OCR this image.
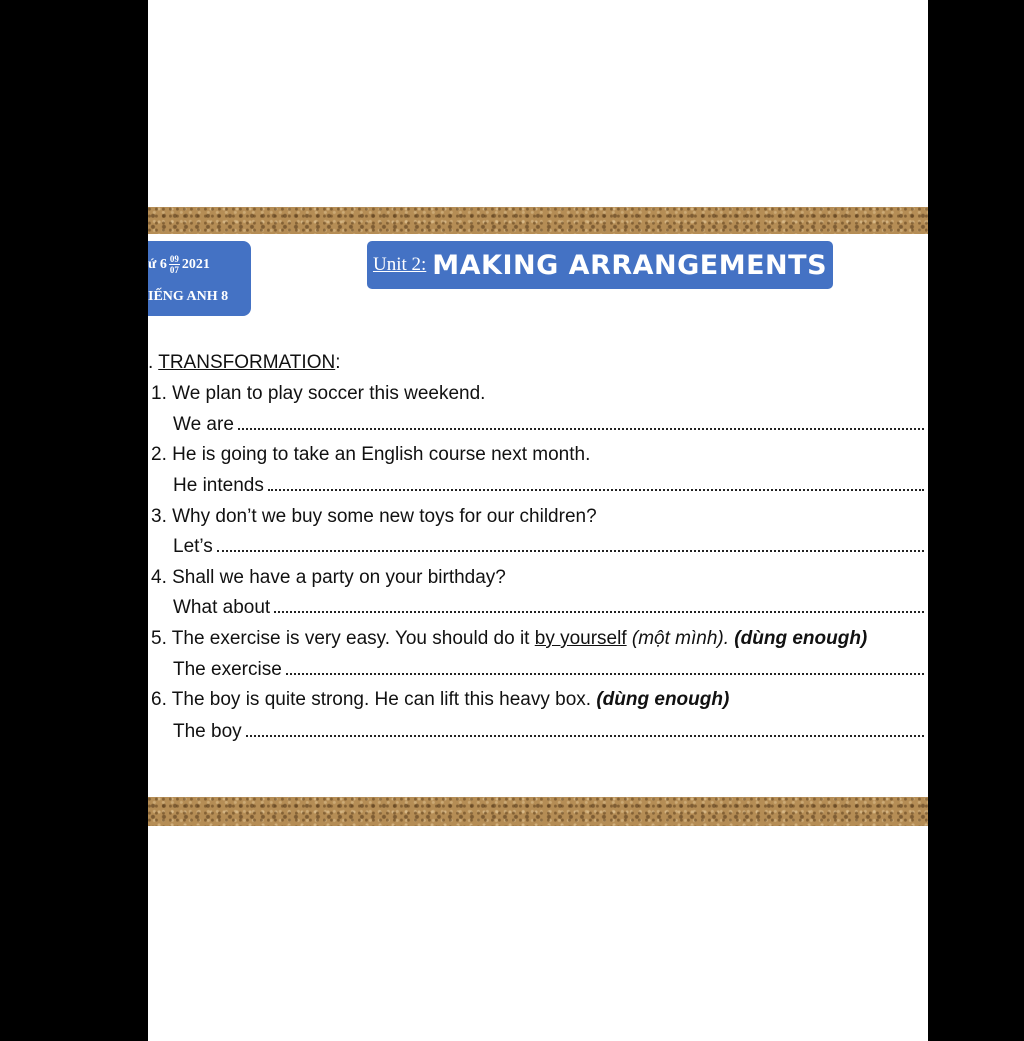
ứ $6 \frac{09}{07} 2021$
IẾNG ANH 8
Unit 2: MAKING ARRANGEMENTS
. TRANSFORMATION:
1. We plan to play soccer this weekend.
We are
2. He is going to take an English course next month.
He intends
3. Why don’t we buy some new toys for our children?
Let’s
4. Shall we have a party on your birthday?
What about
5. The exercise is very easy. You should do it by yourself (một mình). (dùng enough)
The exercise
6. The boy is quite strong. He can lift this heavy box. (dùng enough)
The boy
